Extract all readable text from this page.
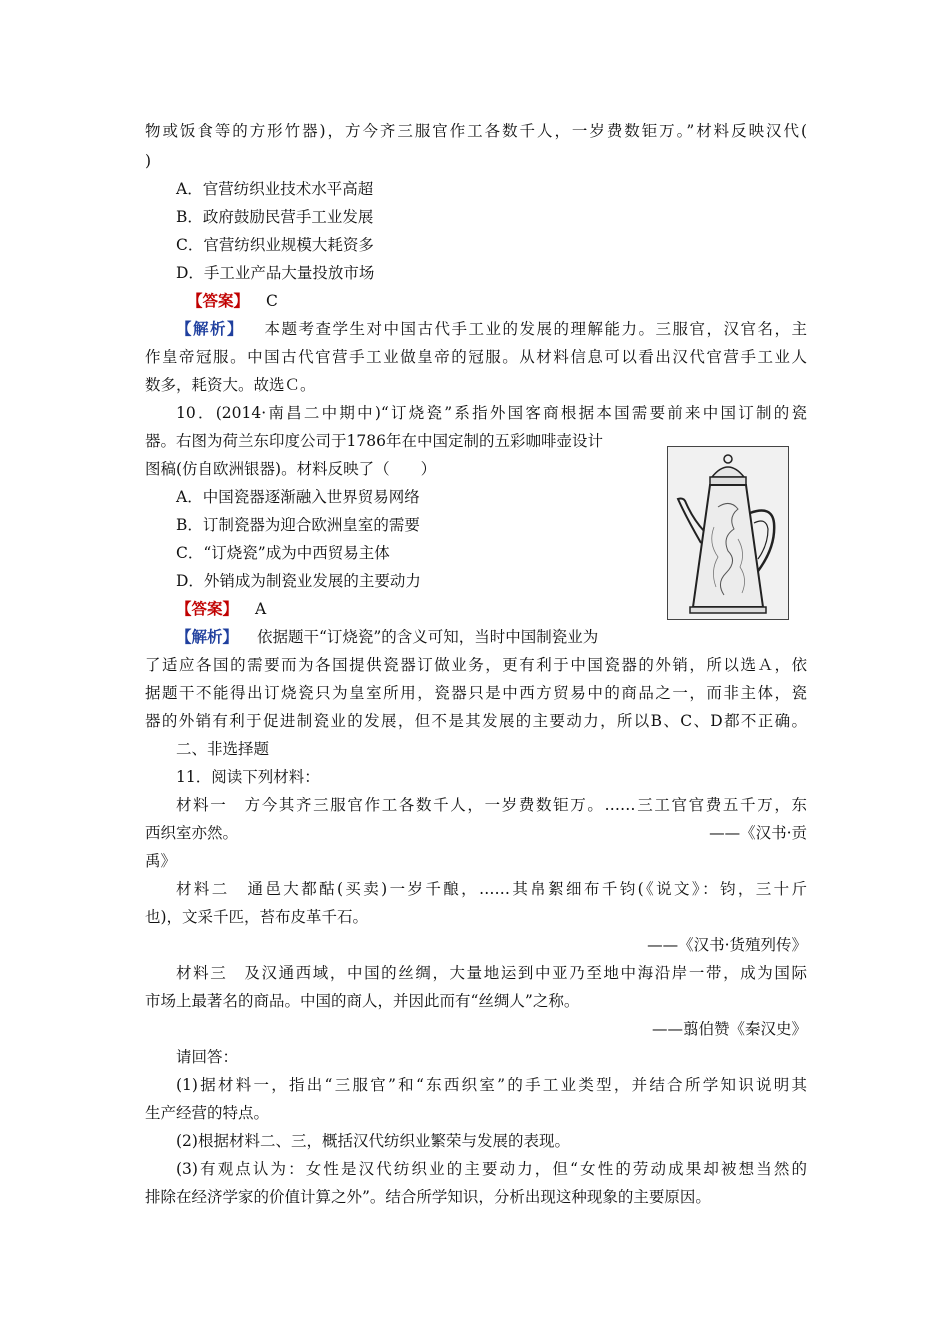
物或饭食等的方形竹器)，方今齐三服官作工各数千人，一岁费数钜万。”材料反映汉代(
)
A．官营纺织业技术水平高超
B．政府鼓励民营手工业发展
C．官营纺织业规模大耗资多
D．手工业产品大量投放市场
【答案】 C
【解析】 本题考查学生对中国古代手工业的发展的理解能力。三服官，汉官名，主
作皇帝冠服。中国古代官营手工业做皇帝的冠服。从材料信息可以看出汉代官营手工业人
数多，耗资大。故选Ｃ。
10．(2014·南昌二中期中)“订烧瓷”系指外国客商根据本国需要前来中国订制的瓷
器。右图为荷兰东印度公司于1786年在中国定制的五彩咖啡壶设计
图稿(仿自欧洲银器)。材料反映了（　　）
A．中国瓷器逐渐融入世界贸易网络
B．订制瓷器为迎合欧洲皇室的需要
C．“订烧瓷”成为中西贸易主体
D．外销成为制瓷业发展的主要动力
【答案】 A
【解析】 依据题干“订烧瓷”的含义可知，当时中国制瓷业为
了适应各国的需要而为各国提供瓷器订做业务，更有利于中国瓷器的外销，所以选Ａ，依
据题干不能得出订烧瓷只为皇室所用，瓷器只是中西方贸易中的商品之一，而非主体，瓷
器的外销有利于促进制瓷业的发展，但不是其发展的主要动力，所以B、C、D都不正确。
二、非选择题
11．阅读下列材料：
材料一　方今其齐三服官作工各数千人，一岁费数钜万。……三工官官费五千万，东
西织室亦然。	——《汉书·贡
禹》
材料二　通邑大都酤(买卖)一岁千酿，……其帛絮细布千钧(《说文》：钧，三十斤
也)，文采千匹，苔布皮革千石。
——《汉书·货殖列传》
材料三　及汉通西域，中国的丝绸，大量地运到中亚乃至地中海沿岸一带，成为国际
市场上最著名的商品。中国的商人，并因此而有“丝绸人”之称。
——翦伯赞《秦汉史》
请回答：
(1)据材料一，指出“三服官”和“东西织室”的手工业类型，并结合所学知识说明其
生产经营的特点。
(2)根据材料二、三，概括汉代纺织业繁荣与发展的表现。
(3)有观点认为：女性是汉代纺织业的主要动力，但“女性的劳动成果却被想当然的
排除在经济学家的价值计算之外”。结合所学知识，分析出现这种现象的主要原因。
